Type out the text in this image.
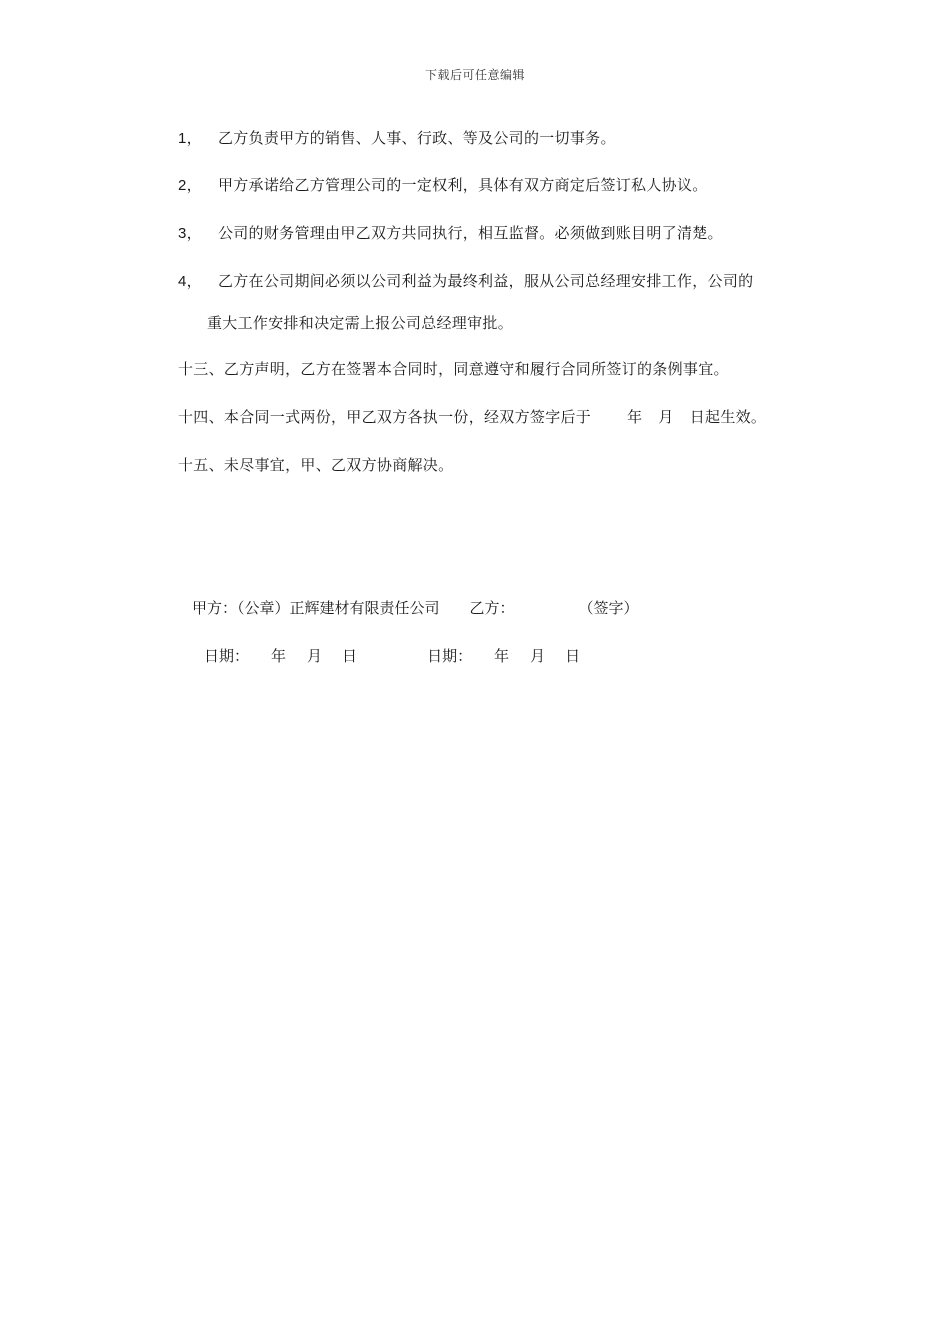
下载后可任意编辑
1， 乙方负责甲方的销售、人事、行政、等及公司的一切事务。
2， 甲方承诺给乙方管理公司的一定权利，具体有双方商定后签订私人协议。
3， 公司的财务管理由甲乙双方共同执行，相互监督。必须做到账目明了清楚。
4， 乙方在公司期间必须以公司利益为最终利益，服从公司总经理安排工作，公司的
重大工作安排和决定需上报公司总经理审批。
十三、乙方声明，乙方在签署本合同时，同意遵守和履行合同所签订的条例事宜。
十四、本合同一式两份，甲乙双方各执一份，经双方签字后于 年 月 日起生效。
十五、未尽事宜，甲、乙双方协商解决。
甲方：（公章）正辉建材有限责任公司 乙方：	（签字）
日期： 年 月 日	日期： 年 月 日
